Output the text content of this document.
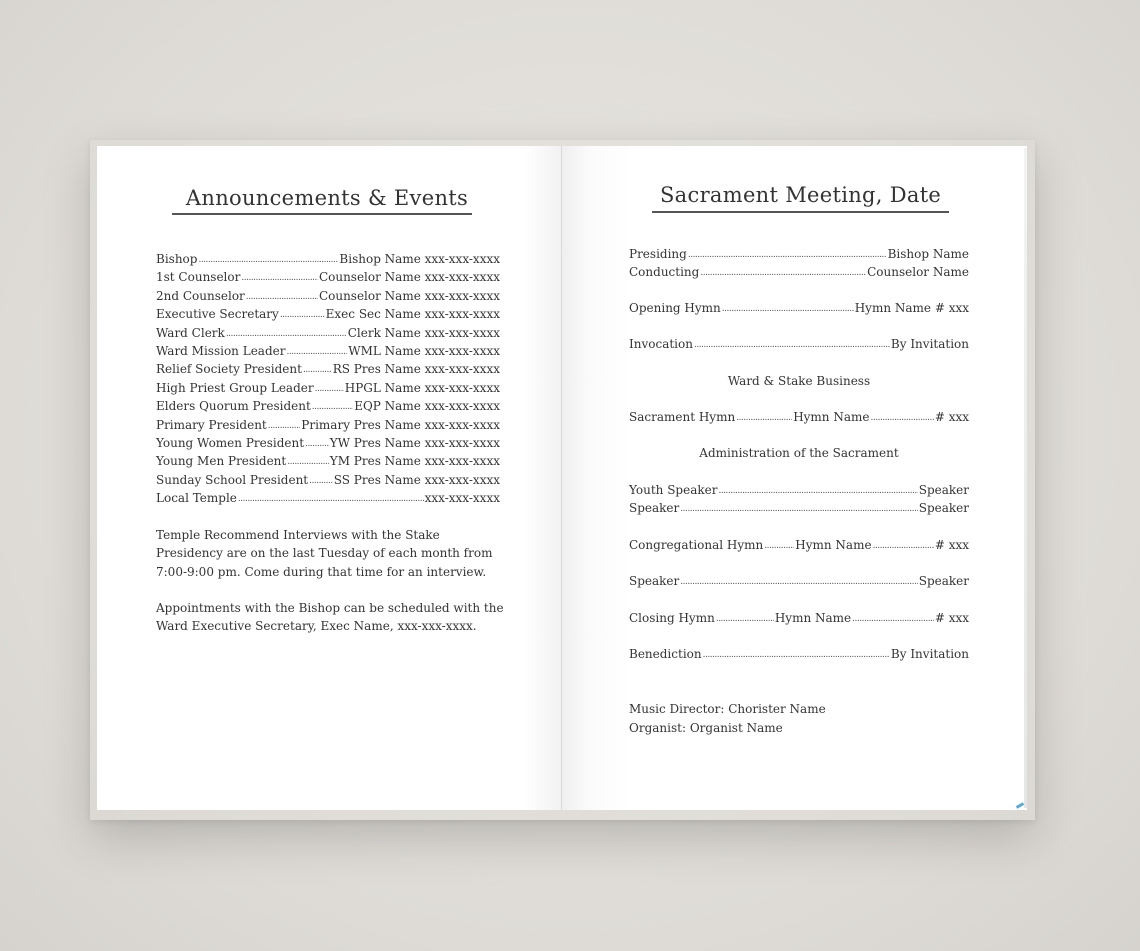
Announcements & Events
Bishop .....	Bishop Name xxx-xxx-xxxx
1st Counselor .....	Counselor Name xxx-xxx-xxxx
2nd Counselor .....	Counselor Name xxx-xxx-xxxx
Executive Secretary .....	Exec Sec Name xxx-xxx-xxxx
Ward Clerk .....	Clerk Name xxx-xxx-xxxx
Ward Mission Leader .....	WML Name xxx-xxx-xxxx
Relief Society President .....	RS Pres Name xxx-xxx-xxxx
High Priest Group Leader .....	HPGL Name xxx-xxx-xxxx
Elders Quorum President .....	EQP Name xxx-xxx-xxxx
Primary President .....	Primary Pres Name xxx-xxx-xxxx
Young Women President ..... YW Pres Name xxx-xxx-xxxx
Young Men President .....	YM Pres Name xxx-xxx-xxxx
Sunday School President ..... SS Pres Name xxx-xxx-xxxx
Local Temple .....	xxx-xxx-xxxx
Temple Recommend Interviews with the Stake Presidency are on the last Tuesday of each month from 7:00-9:00 pm. Come during that time for an interview.
Appointments with the Bishop can be scheduled with the Ward Executive Secretary, Exec Name, xxx-xxx-xxxx.
Sacrament Meeting, Date
Presiding .....	Bishop Name
Conducting .....	Counselor Name
Opening Hymn .....	Hymn Name # xxx
Invocation .....	By Invitation
Ward & Stake Business
Sacrament Hymn .....	Hymn Name .....	# xxx
Administration of the Sacrament
Youth Speaker .....	Speaker
Speaker .....	Speaker
Congregational Hymn .....	Hymn Name .....	# xxx
Speaker .....	Speaker
Closing Hymn .....	Hymn Name .....	# xxx
Benediction .....	By Invitation
Music Director: Chorister Name
Organist: Organist Name
